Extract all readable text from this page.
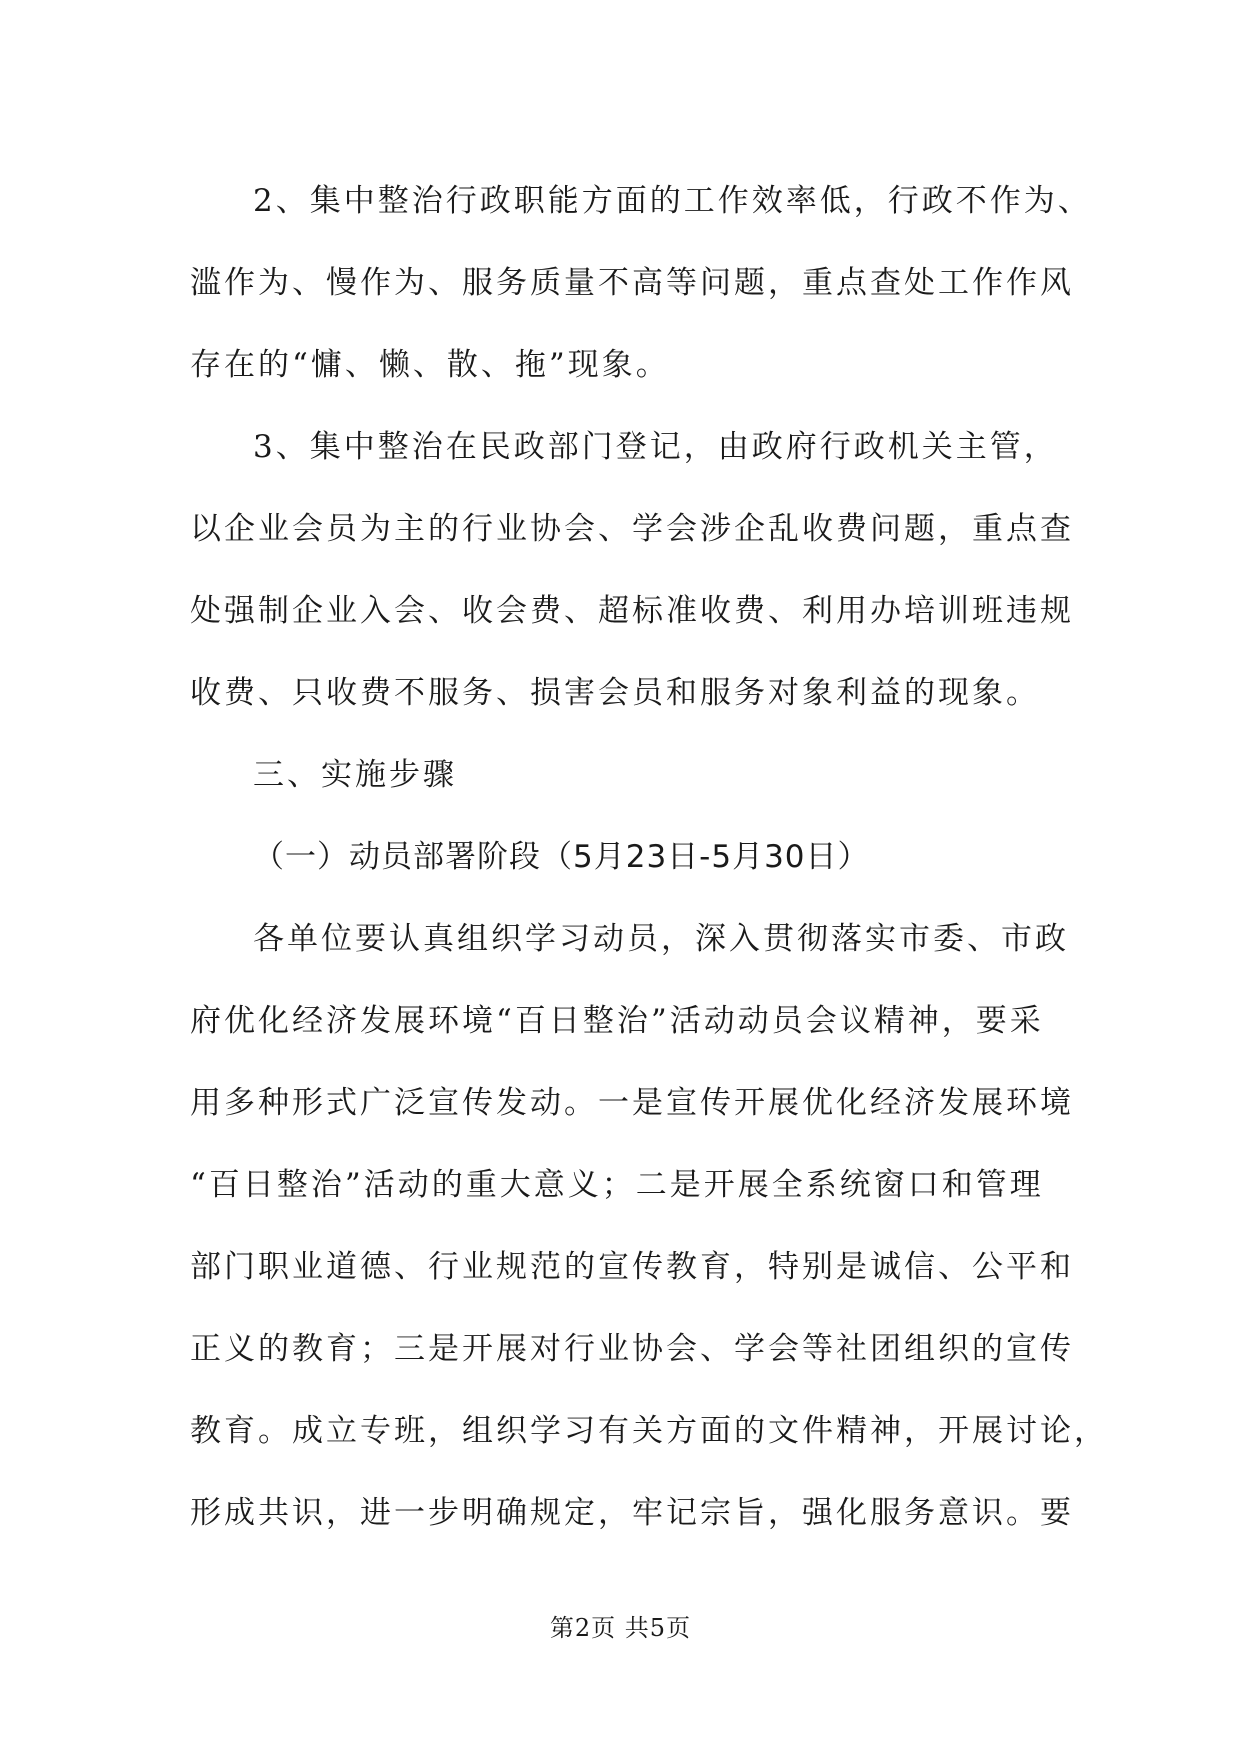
2、集中整治行政职能方面的工作效率低，行政不作为、
滥作为、慢作为、服务质量不高等问题，重点查处工作作风
存在的“慵、懒、散、拖”现象。
3、集中整治在民政部门登记，由政府行政机关主管，
以企业会员为主的行业协会、学会涉企乱收费问题，重点查
处强制企业入会、收会费、超标准收费、利用办培训班违规
收费、只收费不服务、损害会员和服务对象利益的现象。
三、实施步骤
（一）动员部署阶段（5月23日-5月30日）
各单位要认真组织学习动员，深入贯彻落实市委、市政
府优化经济发展环境“百日整治”活动动员会议精神，要采
用多种形式广泛宣传发动。一是宣传开展优化经济发展环境
“百日整治”活动的重大意义；二是开展全系统窗口和管理
部门职业道德、行业规范的宣传教育，特别是诚信、公平和
正义的教育；三是开展对行业协会、学会等社团组织的宣传
教育。成立专班，组织学习有关方面的文件精神，开展讨论，
形成共识，进一步明确规定，牢记宗旨，强化服务意识。要
第2页 共5页
